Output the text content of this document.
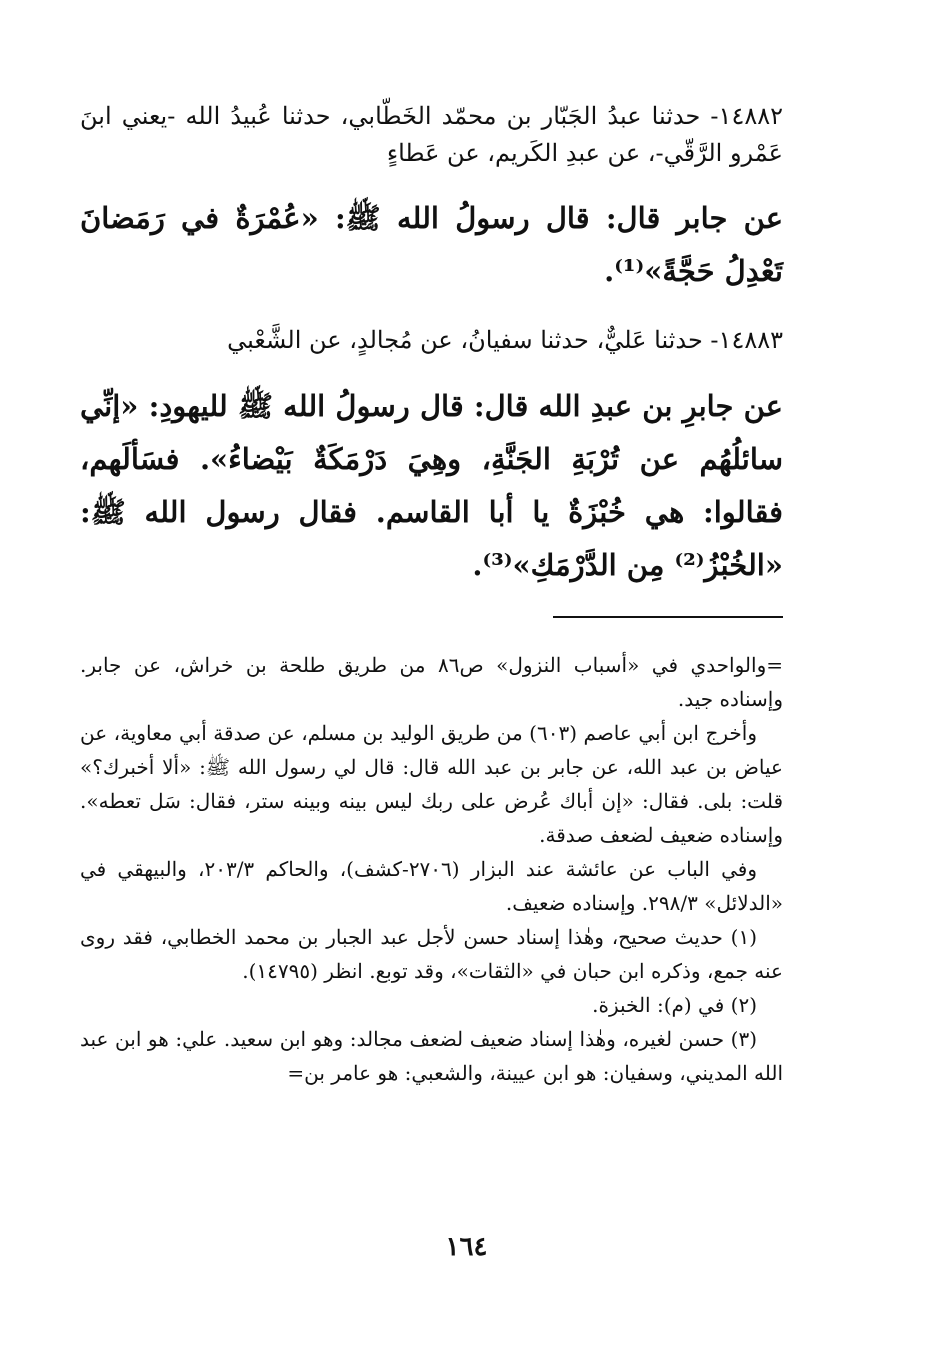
١٤٨٨٢- حدثنا عبدُ الجَبّار بن محمّد الخَطّابي، حدثنا عُبيدُ الله -يعني ابنَ عَمْرو الرَّقّي-، عن عبدِ الكَريم، عن عَطاءٍ
عن جابر قال: قال رسولُ الله ﷺ: «عُمْرَةٌ في رَمَضانَ تَعْدِلُ حَجَّةً»⁽¹⁾.
١٤٨٨٣- حدثنا عَليٌّ، حدثنا سفيانُ، عن مُجالدٍ، عن الشَّعْبي
عن جابرِ بن عبدِ الله قال: قال رسولُ الله ﷺ لليهودِ: «إنِّي سائلُهُم عن تُرْبَةِ الجَنَّةِ، وهِيَ دَرْمَكَةٌ بَيْضاءُ». فسَألَهم، فقالوا: هي خُبْزَةٌ يا أبا القاسم. فقال رسول الله ﷺ: «الخُبْزُ⁽²⁾ مِن الدَّرْمَكِ»⁽³⁾.

=والواحدي في «أسباب النزول» ص٨٦ من طريق طلحة بن خراش، عن جابر. وإسناده جيد.

وأخرج ابن أبي عاصم (٦٠٣) من طريق الوليد بن مسلم، عن صدقة أبي معاوية، عن عياض بن عبد الله، عن جابر بن عبد الله قال: قال لي رسول الله ﷺ: «ألا أخبرك؟» قلت: بلى. فقال: «إن أباك عُرض على ربك ليس بينه وبينه ستر، فقال: سَل تعطه». وإسناده ضعيف لضعف صدقة.

وفي الباب عن عائشة عند البزار (٢٧٠٦-كشف)، والحاكم ٢٠٣/٣، والبيهقي في «الدلائل» ٢٩٨/٣. وإسناده ضعيف.

(١) حديث صحيح، وهٰذا إسناد حسن لأجل عبد الجبار بن محمد الخطابي، فقد روى عنه جمع، وذكره ابن حبان في «الثقات»، وقد توبع. انظر (١٤٧٩٥).

(٢) في (م): الخبزة.

(٣) حسن لغيره، وهٰذا إسناد ضعيف لضعف مجالد: وهو ابن سعيد. علي: هو ابن عبد الله المديني، وسفيان: هو ابن عيينة، والشعبي: هو عامر بن=

١٦٤
